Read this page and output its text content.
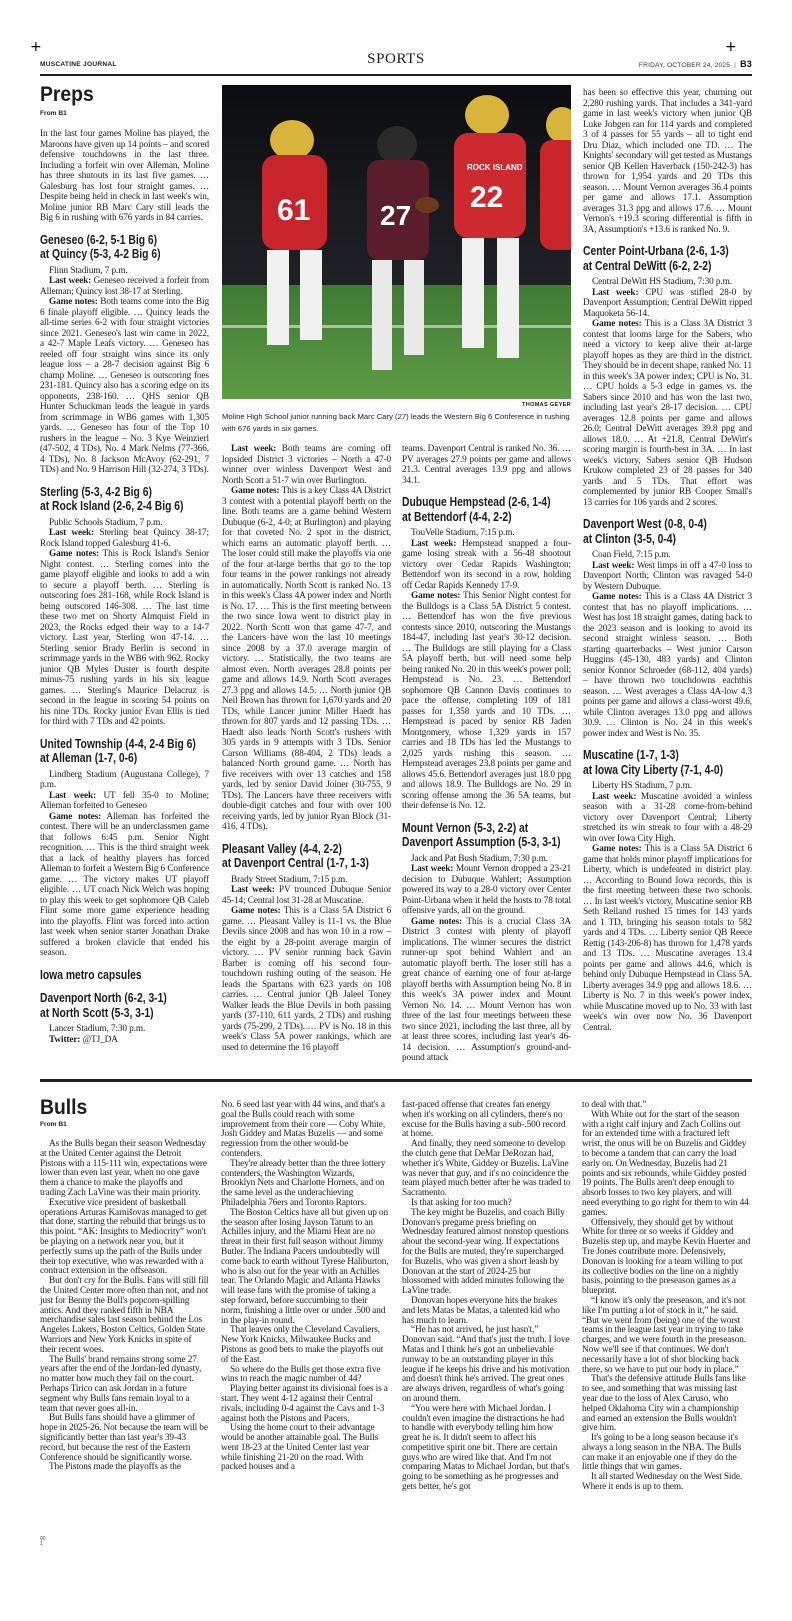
+	+
MUSCATINE JOURNAL	SPORTS	FRIDAY, OCTOBER 24, 2025 | B3
Preps
From B1
61 27
ROCK ISLAND
22
THOMAS GEYER
Moline High School junior running back Marc Cary (27) leads the Western Big 6 Conference in rushing with 676 yards in six games.

In the last four games Moline has played, the Maroons have given up 14 points – and scored defensive touchdowns in the last three. Including a forfeit win over Alleman, Moline has three shutouts in its last five games. … Galesburg has lost four straight games. … Despite being held in check in last week's win, Moline junior RB Marc Cary still leads the Big 6 in rushing with 676 yards in 84 carries.

Geneseo (6-2, 5-1 Big 6)
at Quincy (5-3, 4-2 Big 6)

Flinn Stadium, 7 p.m.

Last week: Geneseo received a forfeit from Alleman; Quincy lost 38-17 at Sterling.

Game notes: Both teams come into the Big 6 finale playoff eligible. … Quincy leads the all-time series 6-2 with four straight victories since 2021. Geneseo's last win came in 2022, a 42-7 Maple Leafs victory. … Geneseo has reeled off four straight wins since its only league loss – a 28-7 decision against Big 6 champ Moline. … Geneseo is outscoring foes 231-181. Quincy also has a scoring edge on its opponents, 238-160. … QHS senior QB Hunter Schuckman leads the league in yards from scrimmage in WB6 games with 1,305 yards. … Geneseo has four of the Top 10 rushers in the league – No. 3 Kye Weinzierl (47-502, 4 TDs), No. 4 Mark Nelms (77-366, 4 TDs), No. 8 Jackson McAvoy (62-291, 7 TDs) and No. 9 Harrison Hill (32-274, 3 TDs).

Sterling (5-3, 4-2 Big 6)
at Rock Island (2-6, 2-4 Big 6)

Public Schools Stadium, 7 p.m.

Last week: Sterling beat Quincy 38-17; Rock Island topped Galesburg 41-6.

Game notes: This is Rock Island's Senior Night contest. … Sterling comes into the game playoff eligible and looks to add a win to secure a playoff berth. … Sterling is outscoring foes 281-168, while Rock Island is being outscored 146-308. … The last time these two met on Shorty Almquist Field in 2023, the Rocks edged their way to a 14-7 victory. Last year, Sterling won 47-14. … Sterling senior Brady Berlin is second in scrimmage yards in the WB6 with 962. Rocky junior QB Myles Duster is fourth despite minus-75 rushing yards in his six league games. … Sterling's Maurice Delacruz is second in the league in scoring 54 points on his nine TDs. Rocky junior Evan Ellis is tied for third with 7 TDs and 42 points.

United Township (4-4, 2-4 Big 6)
at Alleman (1-7, 0-6)

Lindberg Stadium (Augustana College), 7 p.m.

Last week: UT fell 35-0 to Moline; Alleman forfeited to Geneseo

Game notes: Alleman has forfeited the contest. There will be an underclassmen game that follows 6:45 p.m. Senior Night recognition. … This is the third straight week that a lack of healthy players has forced Alleman to forfeit a Western Big 6 Conference game. … The victory makes UT playoff eligible. … UT coach Nick Welch was hoping to play this week to get sophomore QB Caleb Flint some more game experience heading into the playoffs. Flint was forced into action last week when senior starter Jonathan Drake suffered a broken clavicle that ended his season.

Iowa metro capsules
Davenport North (6-2, 3-1)
at North Scott (5-3, 3-1)

Lancer Stadium, 7:30 p.m.

Twitter: @TJ_DA

Last week: Both teams are coming off lopsided District 3 victories – North a 47-0 winner over winless Davenport West and North Scott a 51-7 win over Burlington.

Game notes: This is a key Class 4A District 3 contest with a potential playoff berth on the line. Both teams are a game behind Western Dubuque (6-2, 4-0; at Burlington) and playing for that coveted No. 2 spot in the district, which earns an automatic playoff berth. … The loser could still make the playoffs via one of the four at-large berths that go to the top four teams in the power rankings not already in automatically. North Scott is ranked No. 13 in this week's Class 4A power index and North is No. 17. … This is the first meeting between the two since Iowa went to district play in 2022. North Scott won that game 47-7, and the Lancers have won the last 10 meetings since 2008 by a 37.0 average margin of victory. … Statistically, the two teams are almost even. North averages 28.8 points per game and allows 14.9. North Scott averages 27.3 ppg and allows 14.5. … North junior QB Neil Brown has thrown for 1,670 yards and 20 TDs, while Lancer junior Miller Haedt has thrown for 807 yards and 12 passing TDs. … Haedt also leads North Scott's rushers with 305 yards in 9 attempts with 3 TDs. Senior Carson Williams (88-404, 2 TDs) leads a balanced North ground game. … North has five receivers with over 13 catches and 158 yards, led by senior David Joiner (30-755, 9 TDs). The Lancers have three receivers with double-digit catches and four with over 100 receiving yards, led by junior Ryan Block (31-416, 4 TDs).

Pleasant Valley (4-4, 2-2)
at Davenport Central (1-7, 1-3)

Brady Street Stadium, 7:15 p.m.

Last week: PV trounced Dubuque Senior 45-14; Central lost 31-28 at Muscatine.

Game notes: This is a Class 5A District 6 game. … Pleasant Valley is 11-1 vs. the Blue Devils since 2008 and has won 10 in a row – the eight by a 28-point average margin of victory. … PV senior running back Gavin Barber is coming off his second four-touchdown rushing outing of the season. He leads the Spartans with 623 yards on 108 carries. … Central junior QB Jaleel Toney Walker leads the Blue Devils in both passing yards (37-110, 611 yards, 2 TDs) and rushing yards (75-299, 2 TDs). … PV is No. 18 in this week's Class 5A power rankings, which are used to determine the 16 playoff

teams. Davenport Central is ranked No. 36. … PV averages 27.9 points per game and allows 21.3. Central averages 13.9 ppg and allows 34.1.

Dubuque Hempstead (2-6, 1-4)
at Bettendorf (4-4, 2-2)

TouVelle Stadium, 7:15 p.m.

Last week: Hempstead snapped a four-game losing streak with a 56-48 shootout victory over Cedar Rapids Washington; Bettendorf won its second in a row, holding off Cedar Rapids Kennedy 17-9.

Game notes: This Senior Night contest for the Bulldogs is a Class 5A District 5 contest. … Bettendorf has won the five previous contests since 2010, outscoring the Mustangs 184-47, including last year's 30-12 decision. … The Bulldogs are still playing for a Class 5A playoff berth, but will need some help being ranked No. 20 in this week's power poll; Hempstead is No. 23. … Bettendorf sophomore QB Cannon Davis continues to pace the offense, completing 109 of 181 passes for 1,358 yards and 10 TDs. … Hempstead is paced by senior RB Jaden Montgomery, whose 1,329 yards in 157 carries and 18 TDs has led the Mustangs to 2,025 yards rushing this season. … Hempstead averages 23.8 points per game and allows 45.6. Bettendorf averages just 18.0 ppg and allows 18.9. The Bulldogs are No. 29 in scoring offense among the 36 5A teams, but their defense is No. 12.

Mount Vernon (5-3, 2-2) at
Davenport Assumption (5-3, 3-1)

Jack and Pat Bush Stadium, 7:30 p.m.

Last week: Mount Vernon dropped a 23-21 decision to Dubuque Wahlert; Assumption powered its way to a 28-0 victory over Center Point-Urbana when it held the hosts to 78 total offensive yards, all on the ground.

Game notes: This is a crucial Class 3A District 3 contest with plenty of playoff implications. The winner secures the district runner-up spot behind Wahlert and an automatic playoff berth. The loser still has a great chance of earning one of four at-large playoff berths with Assumption being No. 8 in this week's 3A power index and Mount Vernon No. 14. … Mount Vernon has won three of the last four meetings between these two since 2021, including the last three, all by at least three scores, including last year's 46-14 decision. … Assumption's ground-and-pound attack

has been so effective this year, churning out 2,280 rushing yards. That includes a 341-yard game in last week's victory when junior QB Luke Jobgen ran for 114 yards and completed 3 of 4 passes for 55 yards – all to tight end Dru Diaz, which included one TD. … The Knights' secondary will get tested as Mustangs senior QB Kellen Haverback (150-242-3) has thrown for 1,954 yards and 20 TDs this season. … Mount Vernon averages 36.4 points per game and allows 17.1. Assumption averages 31.3 ppg and allows 17.6. … Mount Vernon's +19.3 scoring differential is fifth in 3A, Assumption's +13.6 is ranked No. 9.

Center Point-Urbana (2-6, 1-3)
at Central DeWitt (6-2, 2-2)

Central DeWitt HS Stadium, 7:30 p.m.

Last week: CPU was stifled 28-0 by Davenport Assumption; Central DeWitt ripped Maquoketa 56-14.

Game notes: This is a Class 3A District 3 contest that looms large for the Sabers, who need a victory to keep alive their at-large playoff hopes as they are third in the district. They should be in decent shape, ranked No. 11 in this week's 3A power index; CPU is No. 31. … CPU holds a 5-3 edge in games vs. the Sabers since 2010 and has won the last two, including last year's 28-17 decision. … CPU averages 12.8 points per game and allows 26.0; Central DeWitt averages 39.8 ppg and allows 18.0. … At +21.8, Central DeWitt's scoring margin is fourth-best in 3A. … In last week's victory, Sabers senior QB Hudson Krukow completed 23 of 28 passes for 340 yards and 5 TDs. That effort was complemented by junior RB Cooper Small's 13 carries for 106 yards and 2 scores.

Davenport West (0-8, 0-4)
at Clinton (3-5, 0-4)

Coan Field, 7:15 p.m.

Last week: West limps in off a 47-0 loss to Davenport North; Clinton was ravaged 54-0 by Western Dubuque.

Game notes: This is a Class 4A District 3 contest that has no playoff implications. … West has lost 18 straight games, dating back to the 2023 season and is looking to avoid its second straight winless season. … Both starting quarterbacks – West junior Carson Huggins (45-130, 483 yards) and Clinton senior Konnor Schroeder (68-112, 404 yards) – have thrown two touchdowns eachthis season. … West averages a Class 4A-low 4.3 points per game and allows a class-worst 49.6, while Clinton averages 13.0 ppg and allows 30.9. … Clinton is No. 24 in this week's power index and West is No. 35.

Muscatine (1-7, 1-3)
at Iowa City Liberty (7-1, 4-0)

Liberty HS Stadium, 7 p.m.

Last week: Muscatine avoided a winless season with a 31-28 come-from-behind victory over Davenport Central; Liberty stretched its win streak to four with a 48-29 win over Iowa City High.

Game notes: This is a Class 5A District 6 game that holds minor playoff implications for Liberty, which is undefeated in district play. … According to Bound Iowa records, this is the first meeting between these two schools. … In last week's victory, Muscatine senior RB Seth Reiland rushed 15 times for 143 yards and 1 TD, bringing his season totals to 582 yards and 4 TDs. … Liberty senior QB Reece Rettig (143-206-8) has thrown for 1,478 yards and 13 TDs. … Muscatine averages 13.4 points per game and allows 44.6, which is behind only Dubuque Hempstead in Class 5A. Liberty averages 34.9 ppg and allows 18.6. … Liberty is No. 7 in this week's power index, while Muscatine moved up to No. 33 with last week's win over now No. 36 Davenport Central.

Bulls
From B1

As the Bulls began their season Wednesday at the United Center against the Detroit Pistons with a 115-111 win, expectations were lower than even last year, when no one gave them a chance to make the playoffs and trading Zach LaVine was their main priority.

Executive vice president of basketball operations Arturas Karnišovas managed to get that done, starting the rebuild that brings us to this point. “AK: Insights to Mediocrity” won't be playing on a network near you, but it perfectly sums up the path of the Bulls under their top executive, who was rewarded with a contract extension in the offseason.

But don't cry for the Bulls. Fans will still fill the United Center more often than not, and not just for Benny the Bull's popcorn-spilling antics. And they ranked fifth in NBA merchandise sales last season behind the Los Angeles Lakers, Boston Celtics, Golden State Warriors and New York Knicks in spite of their recent woes.

The Bulls' brand remains strong some 27 years after the end of the Jordan-led dynasty, no matter how much they fail on the court. Perhaps Tirico can ask Jordan in a future segment why Bulls fans remain loyal to a team that never goes all-in.

But Bulls fans should have a glimmer of hope in 2025-26. Not because the team will be significantly better than last year's 39-43 record, but because the rest of the Eastern Conference should be significantly worse.

The Pistons made the playoffs as the

No. 6 seed last year with 44 wins, and that's a goal the Bulls could reach with some improvement from their core — Coby White, Josh Giddey and Matas Buzelis — and some regression from the other would-be contenders.

They're already better than the three lottery contenders, the Washington Wizards, Brooklyn Nets and Charlotte Hornets, and on the same level as the underachieving Philadelphia 76ers and Toronto Raptors.

The Boston Celtics have all but given up on the season after losing Jayson Tatum to an Achilles injury, and the Miami Heat are no threat in their first full season without Jimmy Butler. The Indiana Pacers undoubtedly will come back to earth without Tyrese Haliburton, who is also out for the year with an Achilles tear. The Orlando Magic and Atlanta Hawks will tease fans with the promise of taking a step forward, before succumbing to their norm, finishing a little over or under .500 and in the play-in round.

That leaves only the Cleveland Cavaliers, New York Knicks, Milwaukee Bucks and Pistons as good bets to make the playoffs out of the East.

So where do the Bulls get those extra five wins to reach the magic number of 44?

Playing better against its divisional foes is a start. They went 4-12 against their Central rivals, including 0-4 against the Cavs and 1-3 against both the Pistons and Pacers.

Using the home court to their advantage would be another attainable goal. The Bulls went 18-23 at the United Center last year while finishing 21-20 on the road. With packed houses and a

fast-paced offense that creates fan energy when it's working on all cylinders, there's no excuse for the Bulls having a sub-.500 record at home.

And finally, they need someone to develop the clutch gene that DeMar DeRozan had, whether it's White, Giddey or Buzelis. LaVine was never that guy, and it's no coincidence the team played much better after he was traded to Sacramento.

Is that asking for too much?

The key might be Buzelis, and coach Billy Donovan's pregame press briefing on Wednesday featured almost nonstop questions about the second-year wing. If expectations for the Bulls are muted, they're supercharged for Buzelis, who was given a short leash by Donovan at the start of 2024-25 but blossomed with added minutes following the LaVine trade.

Donovan hopes everyone hits the brakes and lets Matas be Matas, a talented kid who has much to learn.

“He has not arrived, he just hasn't,” Donovan said. “And that's just the truth. I love Matas and I think he's got an unbelievable runway to be an outstanding player in this league if he keeps his drive and his motivation and doesn't think he's arrived. The great ones are always driven, regardless of what's going on around them.

“You were here with Michael Jordan. I couldn't even imagine the distractions he had to handle with everybody telling him how great he is. It didn't seem to affect his competitive spirit one bit. There are certain guys who are wired like that. And I'm not comparing Matas to Michael Jordan, but that's going to be something as he progresses and gets better, he's got

to deal with that.”

With White out for the start of the season with a right calf injury and Zach Collins out for an extended time with a fractured left wrist, the onus will be on Buzelis and Giddey to become a tandem that can carry the load early on. On Wednesday, Buzelis had 21 points and six rebounds, while Giddey posted 19 points. The Bulls aren't deep enough to absorb losses to two key players, and will need everything to go right for them to win 44 games.

Offensively, they should get by without White for three or so weeks if Giddey and Buzelis step up, and maybe Kevin Huerter and Tre Jones contribute more. Defensively, Donovan is looking for a team willing to put its collective bodies on the line on a nightly basis, pointing to the preseason games as a blueprint.

“I know it's only the preseason, and it's not like I'm putting a lot of stock in it,” he said. “But we went from (being) one of the worst teams in the league last year in trying to take charges, and we were fourth in the preseason. Now we'll see if that continues. We don't necessarily have a lot of shot blocking back there, so we have to put our body in place.”

That's the defensive attitude Bulls fans like to see, and something that was missing last year due to the loss of Alex Caruso, who helped Oklahoma City win a championship and earned an extension the Bulls wouldn't give him.

It's going to be a long season because it's always a long season in the NBA. The Bulls can make it an enjoyable one if they do the little things that win games.

It all started Wednesday on the West Side. Where it ends is up to them.

00
1
